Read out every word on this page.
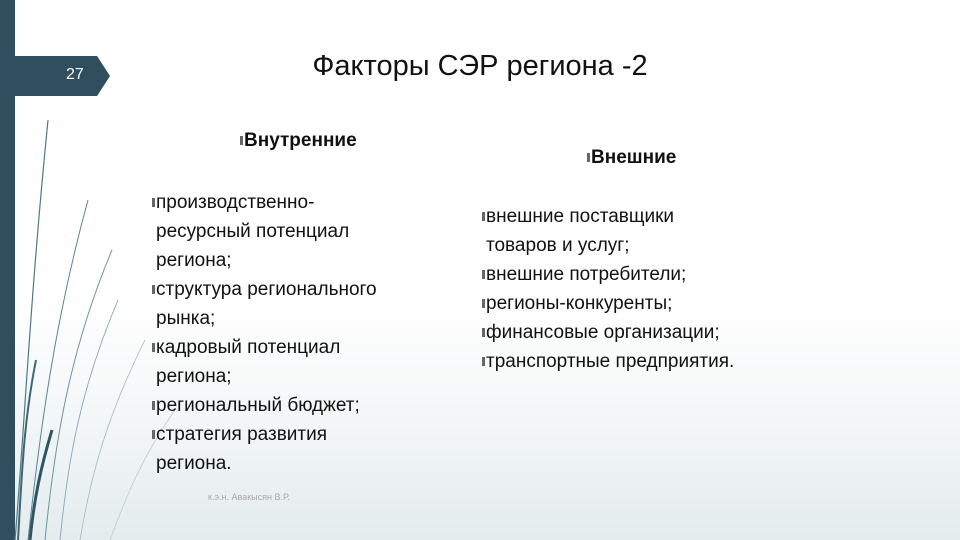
27	Факторы СЭР региона -2
Внутренние
Внешние
производственно-
ресурсный потенциал
региона;
структура регионального
рынка;
кадровый потенциал
региона;
региональный бюджет;
стратегия развития
региона.
внешние поставщики
товаров и услуг;
внешние потребители;
регионы-конкуренты;
финансовые организации;
транспортные предприятия.
к.э.н. Авакысян В.Р.
